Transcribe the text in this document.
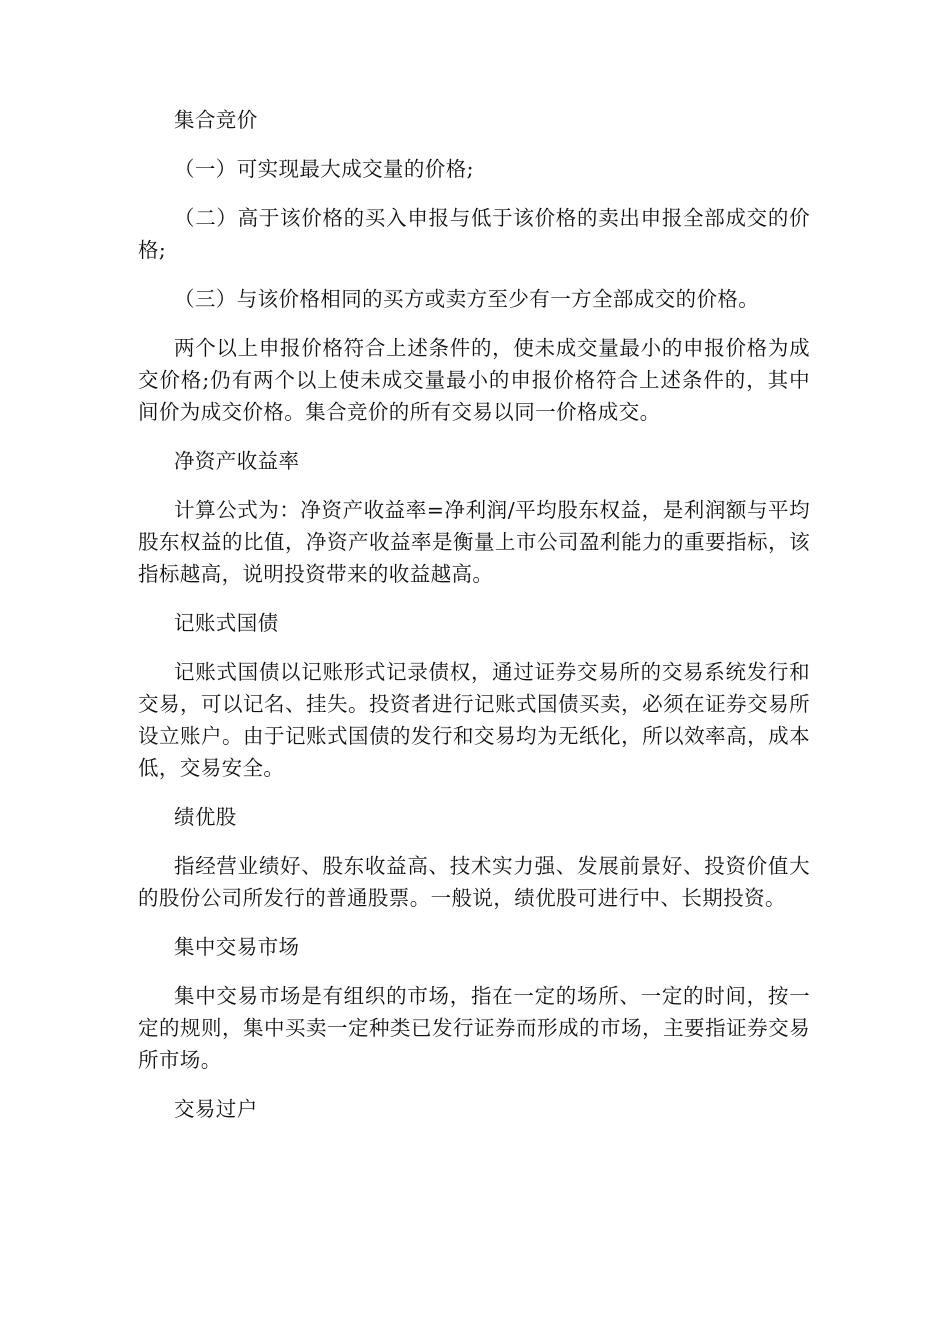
集合竞价

（一）可实现最大成交量的价格;

（二）高于该价格的买入申报与低于该价格的卖出申报全部成交的价格;

（三）与该价格相同的买方或卖方至少有一方全部成交的价格。

两个以上申报价格符合上述条件的，使未成交量最小的申报价格为成交价格;仍有两个以上使未成交量最小的申报价格符合上述条件的，其中间价为成交价格。集合竞价的所有交易以同一价格成交。

净资产收益率

计算公式为：净资产收益率=净利润/平均股东权益，是利润额与平均股东权益的比值，净资产收益率是衡量上市公司盈利能力的重要指标，该指标越高，说明投资带来的收益越高。

记账式国债

记账式国债以记账形式记录债权，通过证券交易所的交易系统发行和交易，可以记名、挂失。投资者进行记账式国债买卖，必须在证券交易所设立账户。由于记账式国债的发行和交易均为无纸化，所以效率高，成本低，交易安全。

绩优股

指经营业绩好、股东收益高、技术实力强、发展前景好、投资价值大的股份公司所发行的普通股票。一般说，绩优股可进行中、长期投资。

集中交易市场

集中交易市场是有组织的市场，指在一定的场所、一定的时间，按一定的规则，集中买卖一定种类已发行证券而形成的市场，主要指证券交易所市场。

交易过户
